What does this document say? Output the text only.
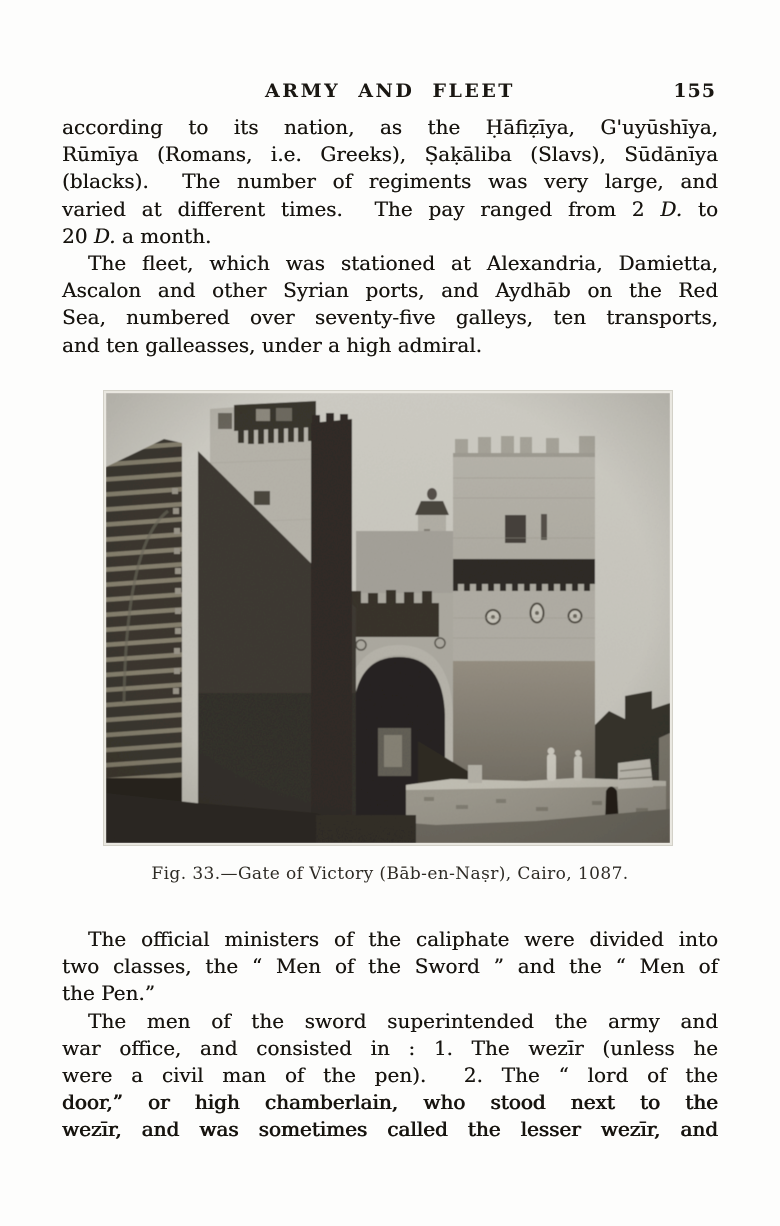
ARMY AND FLEET	155
according to its nation, as the Ḥāfiẓīya, G'uyūshīya,
Rūmīya (Romans, i.e. Greeks), Ṣaḳāliba (Slavs), Sūdānīya
(blacks).  The number of regiments was very large, and
varied at different times.  The pay ranged from 2 D. to
20 D. a month.
The fleet, which was stationed at Alexandria, Damietta,
Ascalon and other Syrian ports, and Aydhāb on the Red
Sea, numbered over seventy-five galleys, ten transports,
and ten galleasses, under a high admiral.
Fig. 33.—Gate of Victory (Bāb-en-Naṣr), Cairo, 1087.
The official ministers of the caliphate were divided into
two classes, the “ Men of the Sword ” and the “ Men of
the Pen.”
The men of the sword superintended the army and
war office, and consisted in : 1. The wezīr (unless he
were a civil man of the pen).  2. The “ lord of the
door,” or high chamberlain, who stood next to the
wezīr, and was sometimes called the lesser wezīr, and
